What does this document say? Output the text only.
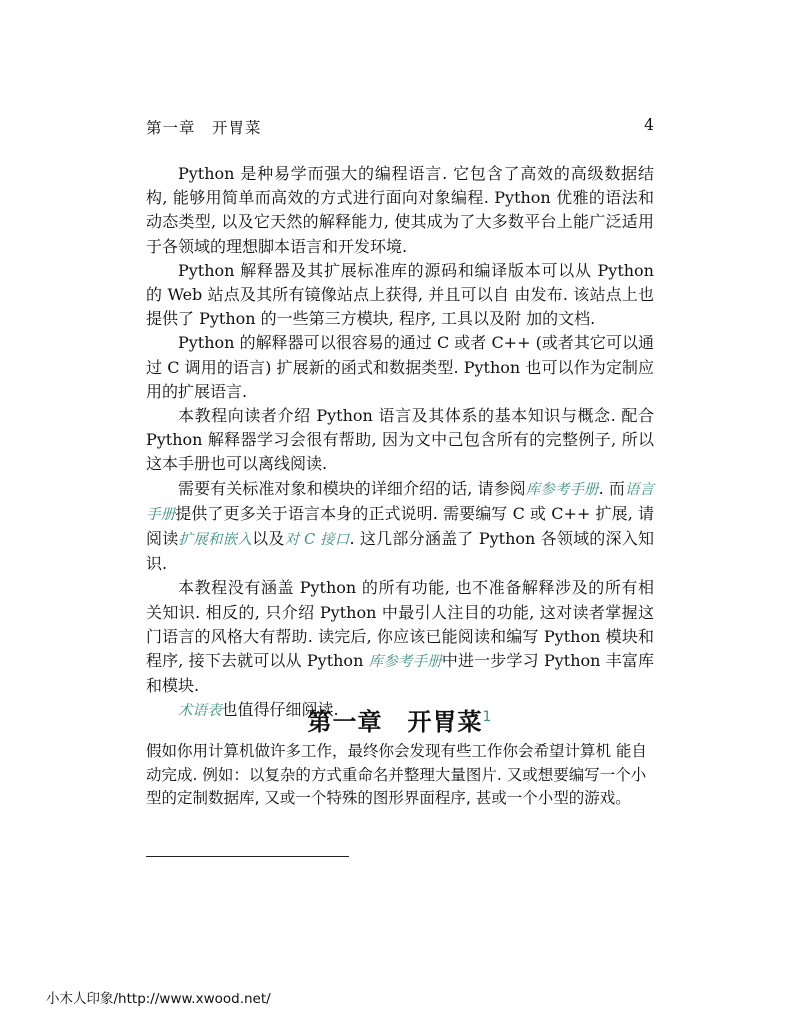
第一章　开胃菜	4

Python 是种易学而强大的编程语言. 它包含了高效的高级数据结构, 能够用简单而高效的方式进行面向对象编程. Python 优雅的语法和动态类型, 以及它天然的解释能力, 使其成为了大多数平台上能广泛适用于各领域的理想脚本语言和开发环境.

Python 解释器及其扩展标准库的源码和编译版本可以从 Python 的 Web 站点及其所有镜像站点上获得, 并且可以自 由发布. 该站点上也提供了 Python 的一些第三方模块, 程序, 工具以及附 加的文档.

Python 的解释器可以很容易的通过 C 或者 C++ (或者其它可以通过 C 调用的语言) 扩展新的函式和数据类型. Python 也可以作为定制应用的扩展语言.

本教程向读者介绍 Python 语言及其体系的基本知识与概念. 配合 Python 解释器学习会很有帮助, 因为文中己包含所有的完整例子, 所以这本手册也可以离线阅读.

需要有关标准对象和模块的详细介绍的话, 请参阅库参考手册. 而语言手册提供了更多关于语言本身的正式说明. 需要编写 C 或 C++ 扩展, 请阅读扩展和嵌入以及对 C 接口. 这几部分涵盖了 Python 各领域的深入知识.

本教程没有涵盖 Python 的所有功能, 也不准备解释涉及的所有相关知识. 相反的, 只介绍 Python 中最引人注目的功能, 这对读者掌握这门语言的风格大有帮助. 读完后, 你应该已能阅读和编写 Python 模块和程序, 接下去就可以从 Python 库参考手册中进一步学习 Python 丰富库和模块.

术语表也值得仔细阅读.

第一章　开胃菜$^1$

假如你用计算机做许多工作，最终你会发现有些工作你会希望计算机 能自动完成. 例如：以复杂的方式重命名并整理大量图片. 又或想要编写一个小型的定制数据库, 又或一个特殊的图形界面程序, 甚或一个小型的游戏。

小木人印象/http://www.xwood.net/
